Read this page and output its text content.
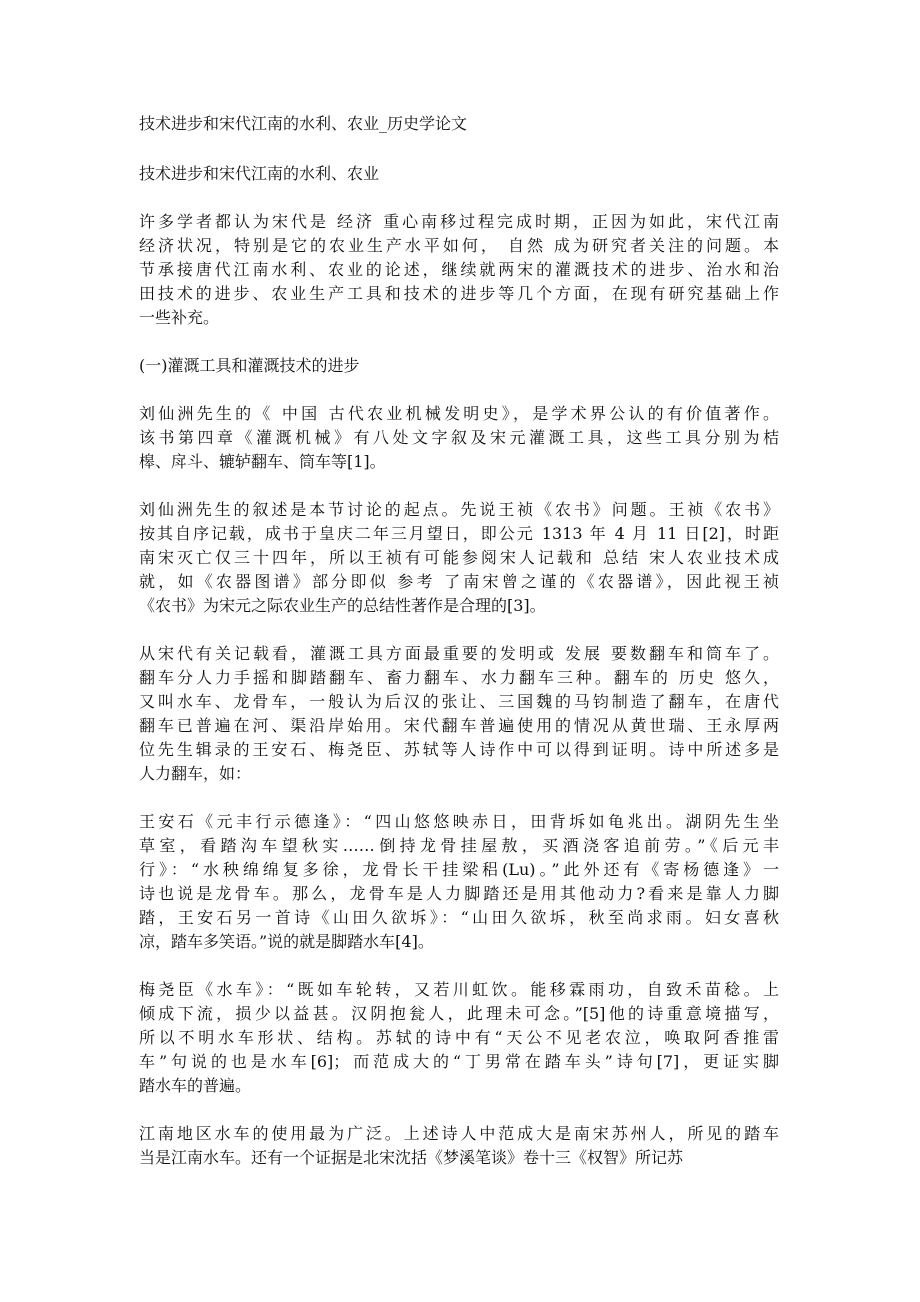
技术进步和宋代江南的水利、农业_历史学论文
技术进步和宋代江南的水利、农业
许多学者都认为宋代是 经济 重心南移过程完成时期，正因为如此，宋代江南
经济状况，特别是它的农业生产水平如何， 自然 成为研究者关注的问题。本
节承接唐代江南水利、农业的论述，继续就两宋的灌溉技术的进步、治水和治
田技术的进步、农业生产工具和技术的进步等几个方面，在现有研究基础上作
一些补充。
(一)灌溉工具和灌溉技术的进步
刘仙洲先生的《 中国 古代农业机械发明史》，是学术界公认的有价值著作。
该书第四章《灌溉机械》有八处文字叙及宋元灌溉工具，这些工具分别为桔
槔、戽斗、辘轳翻车、筒车等[1]。
刘仙洲先生的叙述是本节讨论的起点。先说王祯《农书》问题。王祯《农书》
按其自序记载，成书于皇庆二年三月望日，即公元 1313 年 4 月 11 日[2]，时距
南宋灭亡仅三十四年，所以王祯有可能参阅宋人记载和 总结 宋人农业技术成
就，如《农器图谱》部分即似 参考 了南宋曾之谨的《农器谱》，因此视王祯
《农书》为宋元之际农业生产的总结性著作是合理的[3]。
从宋代有关记载看，灌溉工具方面最重要的发明或 发展 要数翻车和筒车了。
翻车分人力手摇和脚踏翻车、畜力翻车、水力翻车三种。翻车的 历史 悠久，
又叫水车、龙骨车，一般认为后汉的张让、三国魏的马钧制造了翻车，在唐代
翻车已普遍在河、渠沿岸始用。宋代翻车普遍使用的情况从黄世瑞、王永厚两
位先生辑录的王安石、梅尧臣、苏轼等人诗作中可以得到证明。诗中所述多是
人力翻车，如：
王安石《元丰行示德逢》：“四山悠悠映赤日，田背坼如龟兆出。湖阴先生坐
草室，看踏沟车望秋实……倒持龙骨挂屋敖，买酒浇客追前劳。”《后元丰
行》：“水秧绵绵复多徐，龙骨长干挂梁稆(Lu)。”此外还有《寄杨德逢》一
诗也说是龙骨车。那么，龙骨车是人力脚踏还是用其他动力?看来是靠人力脚
踏，王安石另一首诗《山田久欲坼》：“山田久欲坼，秋至尚求雨。妇女喜秋
凉，踏车多笑语。”说的就是脚踏水车[4]。
梅尧臣《水车》：“既如车轮转，又若川虹饮。能移霖雨功，自致禾苗稔。上
倾成下流，损少以益甚。汉阴抱瓮人，此理未可念。”[5]他的诗重意境描写，
所以不明水车形状、结构。苏轼的诗中有“天公不见老农泣，唤取阿香推雷
车”句说的也是水车[6]；而范成大的“丁男常在踏车头”诗句[7]，更证实脚
踏水车的普遍。
江南地区水车的使用最为广泛。上述诗人中范成大是南宋苏州人，所见的踏车
当是江南水车。还有一个证据是北宋沈括《梦溪笔谈》卷十三《权智》所记苏
